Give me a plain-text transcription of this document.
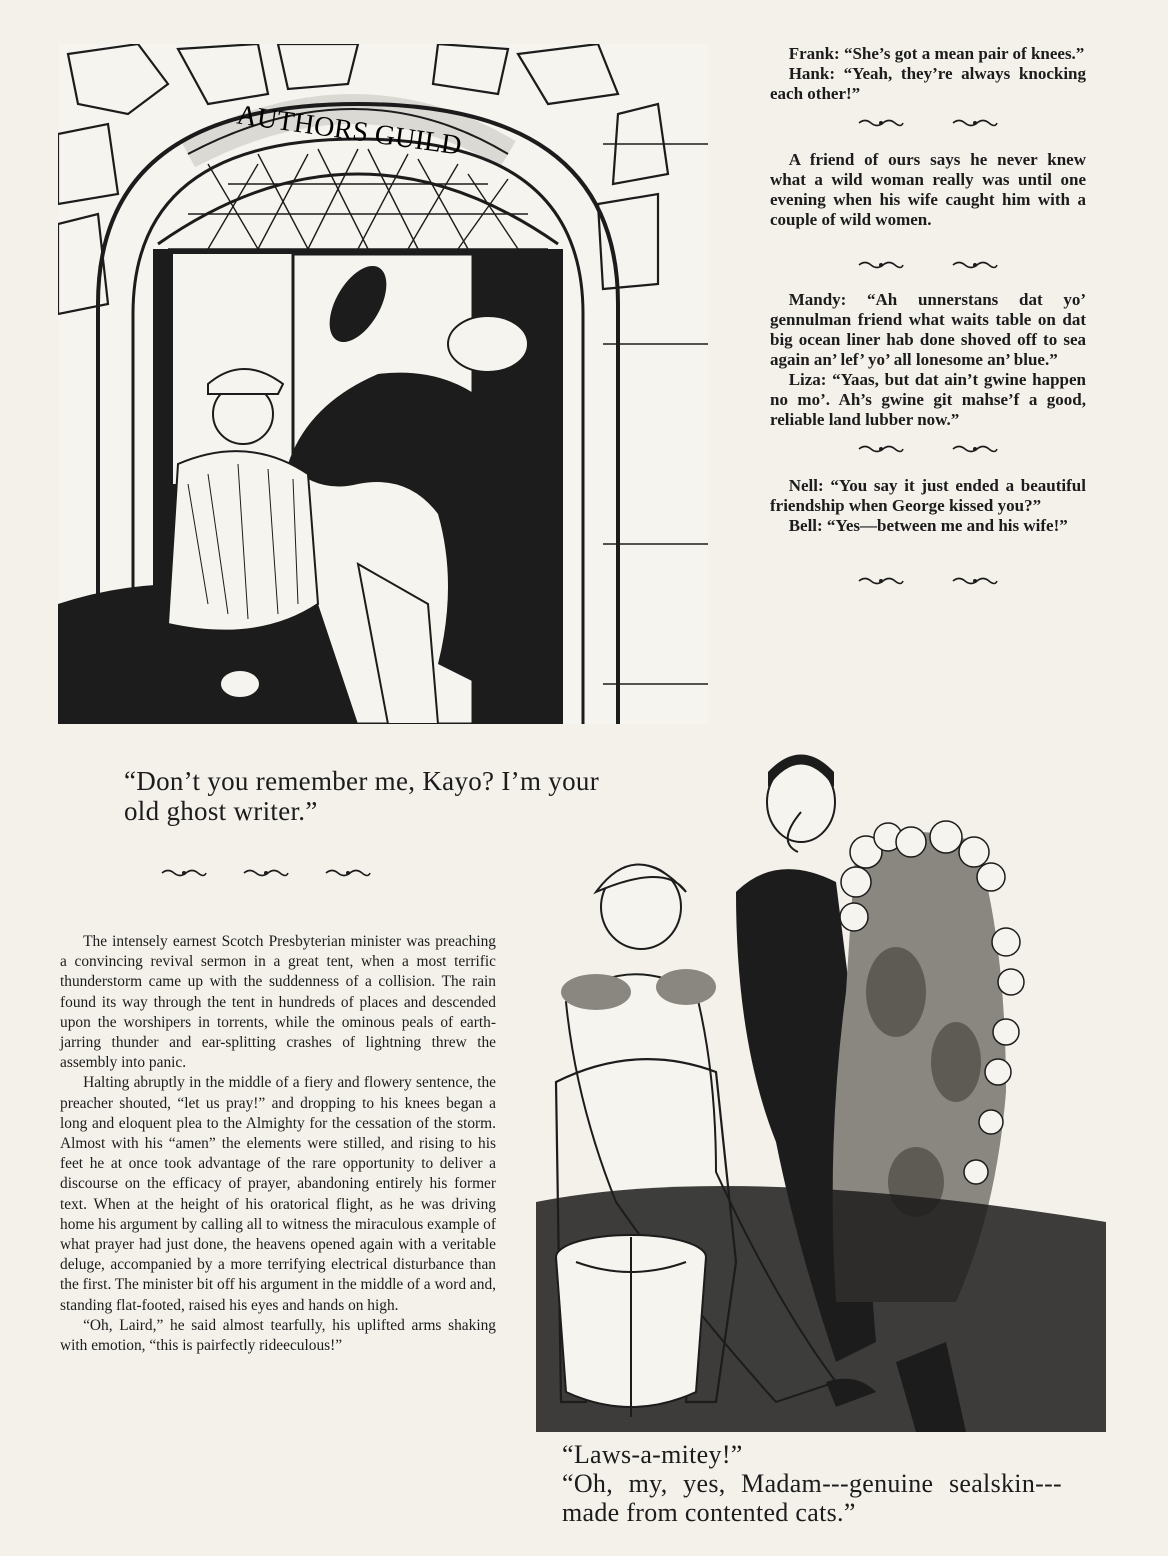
AUTHORS GUILD
“Don’t you remember me, Kayo? I’m your old ghost writer.”

Frank: “She’s got a mean pair of knees.”

Hank: “Yeah, they’re always knocking each other!”

A friend of ours says he never knew what a wild woman really was until one evening when his wife caught him with a couple of wild women.

Mandy: “Ah unnerstans dat yo’ gennulman friend what waits table on dat big ocean liner hab done shoved off to sea again an’ lef’ yo’ all lonesome an’ blue.”

Liza: “Yaas, but dat ain’t gwine happen no mo’. Ah’s gwine git mahse’f a good, reliable land lubber now.”

Nell: “You say it just ended a beautiful friendship when George kissed you?”

Bell: “Yes—between me and his wife!”

The intensely earnest Scotch Presbyterian minister was preaching a convincing revival sermon in a great tent, when a most terrific thunderstorm came up with the suddenness of a collision. The rain found its way through the tent in hundreds of places and descended upon the worshipers in torrents, while the ominous peals of earth-jarring thunder and ear-splitting crashes of lightning threw the assembly into panic.

Halting abruptly in the middle of a fiery and flowery sentence, the preacher shouted, “let us pray!” and dropping to his knees began a long and eloquent plea to the Almighty for the cessation of the storm. Almost with his “amen” the elements were stilled, and rising to his feet he at once took advantage of the rare opportunity to deliver a discourse on the efficacy of prayer, abandoning entirely his former text. When at the height of his oratorical flight, as he was driving home his argument by calling all to witness the miraculous example of what prayer had just done, the heavens opened again with a veritable deluge, accompanied by a more terrifying electrical disturbance than the first. The minister bit off his argument in the middle of a word and, standing flat-footed, raised his eyes and hands on high.

“Oh, Laird,” he said almost tearfully, his uplifted arms shaking with emotion, “this is pairfectly rideeculous!”

“Laws-a-mitey!”
“Oh, my, yes, Madam---genuine sealskin---made from contented cats.”
